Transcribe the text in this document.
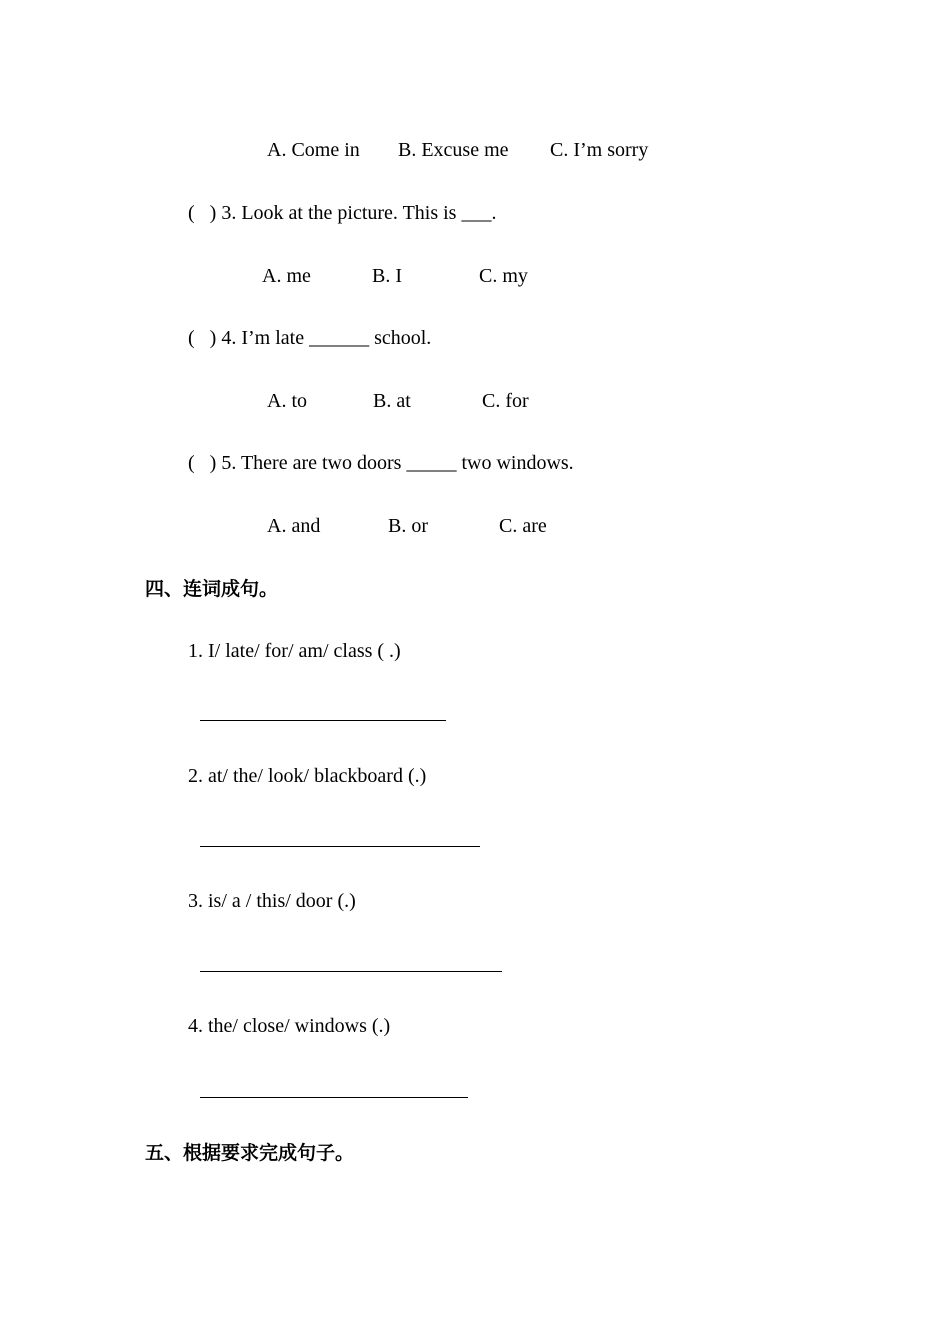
A. Come in B. Excuse me C. I’m sorry
(   ) 3. Look at the picture. This is ___.
A. me	B. I	C. my
(   ) 4. I’m late ______ school.
A. to	B. at	C. for
(   ) 5. There are two doors _____ two windows.
A. and	B. or	C. are
四、连词成句。
1. I/ late/ for/ am/ class ( .)
2. at/ the/ look/ blackboard (.)
3. is/ a / this/ door (.)
4. the/ close/ windows (.)
五、根据要求完成句子。
